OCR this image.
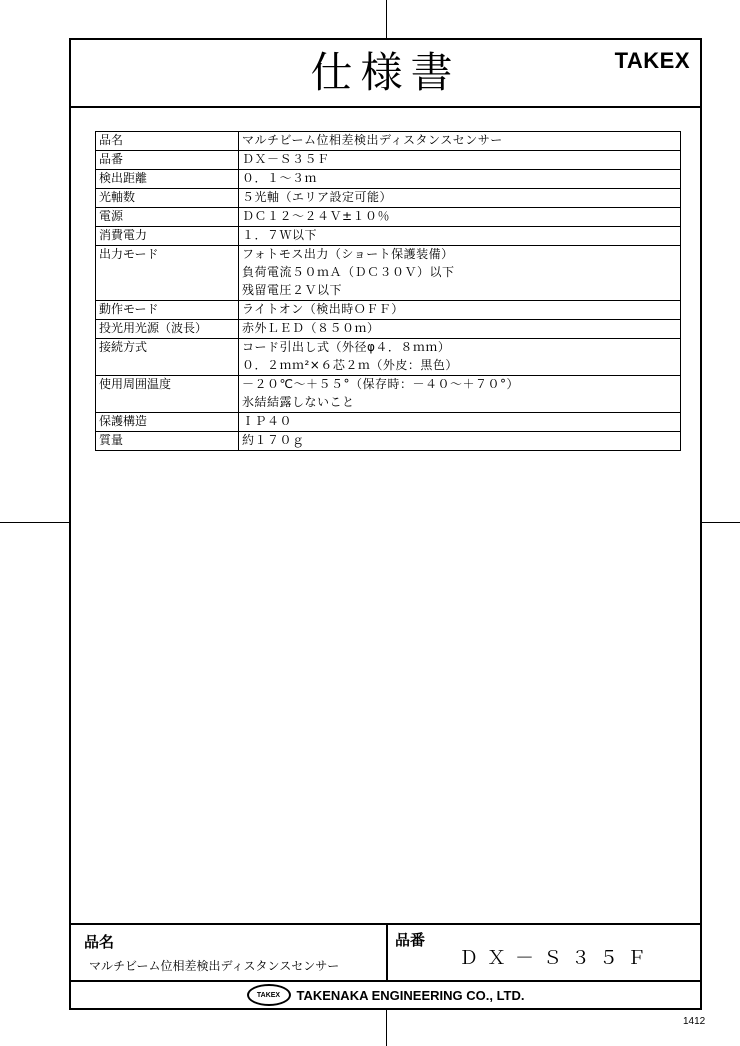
仕様書	TAKEX
品名	マルチビーム位相差検出ディスタンスセンサー

品番	ＤＸ－Ｓ３５Ｆ

検出距離	０．１～３ｍ

光軸数	５光軸（エリア設定可能）

電源	ＤＣ１２～２４Ｖ±１０％

消費電力	１．７Ｗ以下

出力モード	フォトモス出力（ショート保護装備）
負荷電流５０ｍＡ（ＤＣ３０Ｖ）以下
残留電圧２Ｖ以下

動作モード	ライトオン（検出時ＯＦＦ）

投光用光源（波長）	赤外ＬＥＤ（８５０ｍ）

接続方式	コード引出し式（外径φ４．８ｍｍ）
０．２ｍｍ²×６芯２ｍ（外皮：黒色）

使用周囲温度	－２０℃～＋５５°（保存時：－４０～＋７０°）
氷結結露しないこと

保護構造	ＩＰ４０

質量	約１７０ｇ
品名
マルチビーム位相差検出ディスタンスセンサー
品番
ＤＸ－Ｓ３５Ｆ
TAKEX	TAKENAKA ENGINEERING CO., LTD.
1412
